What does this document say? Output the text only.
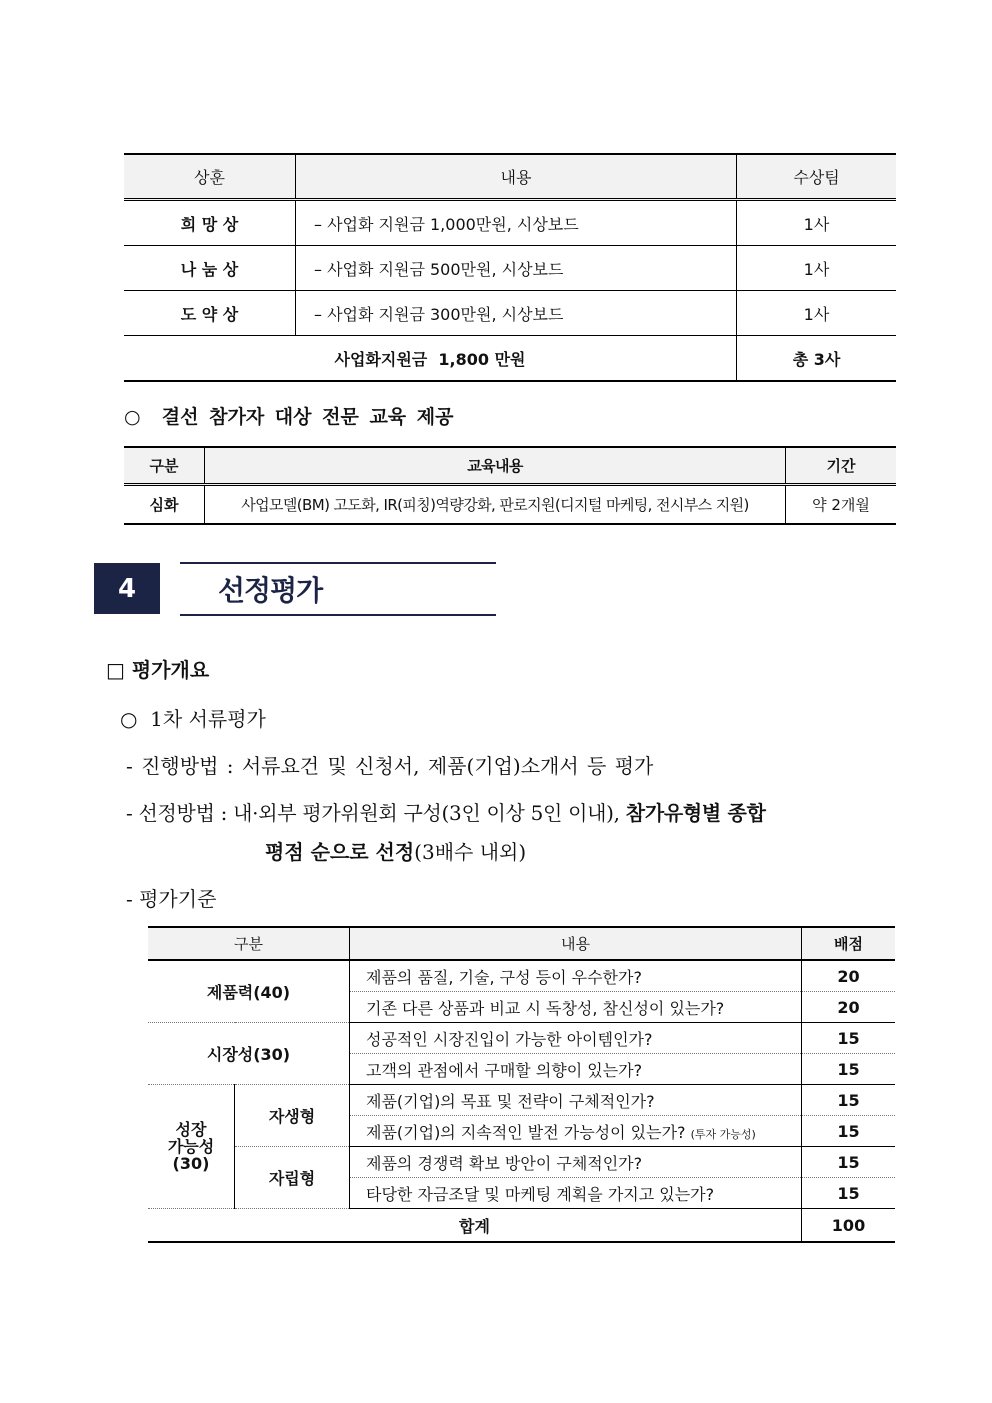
상훈	내용	수상팀
희 망 상	– 사업화 지원금 1,000만원, 시상보드	1사
나 눔 상	– 사업화 지원금 500만원, 시상보드	1사
도 약 상	– 사업화 지원금 300만원, 시상보드	1사
사업화지원금  1,800 만원		총 3사
○  결선 참가자 대상 전문 교육 제공
구분	교육내용	기간
심화	사업모델(BM) 고도화, IR(피칭)역량강화, 판로지원(디지털 마케팅, 전시부스 지원)	약 2개월
4	선정평가
□ 평가개요
○  1차 서류평가
- 진행방법 : 서류요건 및 신청서, 제품(기업)소개서 등 평가
- 선정방법 : 내·외부 평가위원회 구성(3인 이상 5인 이내), 참가유형별 종합
평점 순으로 선정(3배수 내외)
- 평가기준
구분		내용	배점
제품력(40)		제품의 품질, 기술, 구성 등이 우수한가?	20
		기존 다른 상품과 비교 시 독창성, 참신성이 있는가?	20
시장성(30)		성공적인 시장진입이 가능한 아이템인가?	15
		고객의 관점에서 구매할 의향이 있는가?	15

성장
가능성
(30)	자생형	제품(기업)의 목표 및 전략이 구체적인가?	15
		제품(기업)의 지속적인 발전 가능성이 있는가? (투자 가능성)	15
	자립형	제품의 경쟁력 확보 방안이 구체적인가?	15
		타당한 자금조달 및 마케팅 계획을 가지고 있는가?	15
합계			100
